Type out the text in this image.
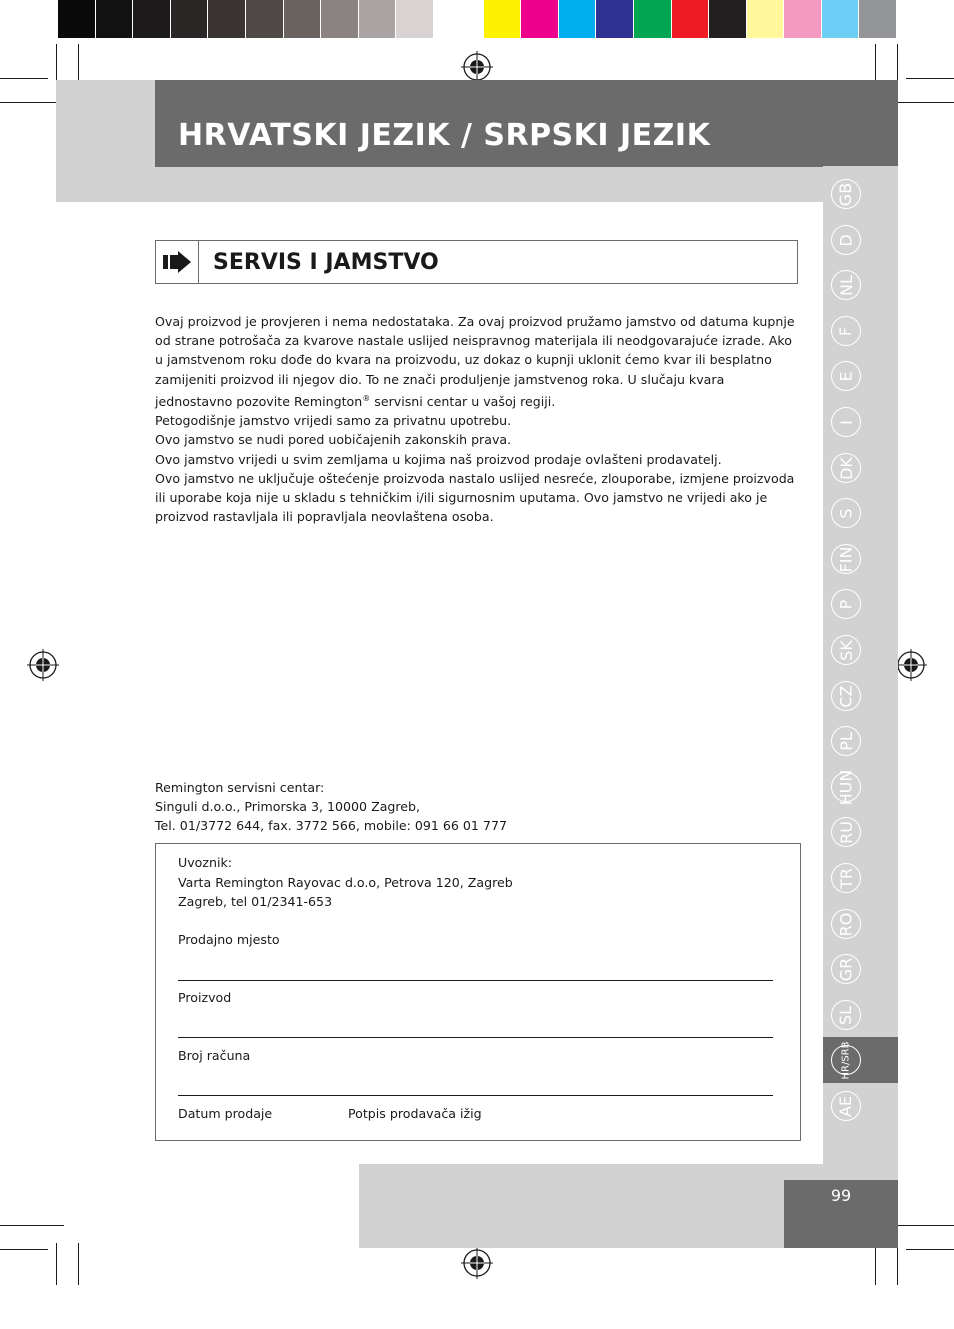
HRVATSKI JEZIK / SRPSKI JEZIK
GB
D
NL
F
E
I
DK
S
FIN
P
SK
CZ
PL
HUN
RU
TR
RO
GR
SL
HR/SRB
AE
99
SERVIS I JAMSTVO

Ovaj proizvod je provjeren i nema nedostataka. Za ovaj proizvod pružamo jamstvo od datuma kupnje od strane potrošača za kvarove nastale uslijed neispravnog materijala ili neodgovarajuće izrade. Ako u jamstvenom roku dođe do kvara na proizvodu, uz dokaz o kupnji uklonit ćemo kvar ili besplatno zamijeniti proizvod ili njegov dio. To ne znači produljenje jamstvenog roka. U slučaju kvara jednostavno pozovite Remington® servisni centar u vašoj regiji.

Petogodišnje jamstvo vrijedi samo za privatnu upotrebu.

Ovo jamstvo se nudi pored uobičajenih zakonskih prava.

Ovo jamstvo vrijedi u svim zemljama u kojima naš proizvod prodaje ovlašteni prodavatelj.

Ovo jamstvo ne uključuje oštećenje proizvoda nastalo uslijed nesreće, zlouporabe, izmjene proizvoda ili uporabe koja nije u skladu s tehničkim i/ili sigurnosnim uputama. Ovo jamstvo ne vrijedi ako je proizvod rastavljala ili popravljala neovlaštena osoba.

Remington servisni centar:

Singuli d.o.o., Primorska 3, 10000 Zagreb,

Tel. 01/3772 644, fax. 3772 566, mobile: 091 66 01 777

Uvoznik:
Varta Remington Rayovac d.o.o, Petrova 120, Zagreb
Zagreb, tel 01/2341-653
Prodajno mjesto
Proizvod
Broj računa
Datum prodaje	Potpis prodavača ižig
